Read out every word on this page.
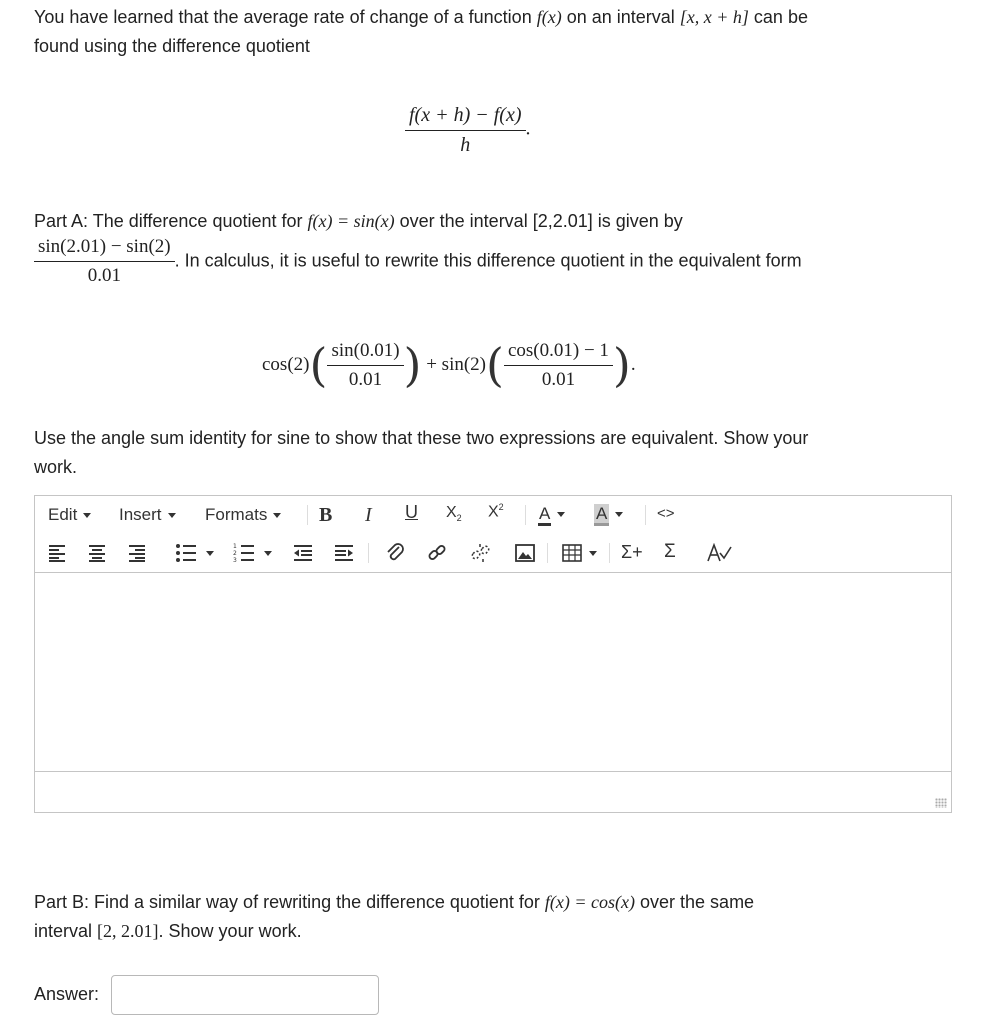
You have learned that the average rate of change of a function f(x) on an interval [x, x + h] can be
found using the difference quotient

$\frac{f(x + h) - f(x)}{h}$ .

Part A: The difference quotient for f(x) = sin(x) over the interval [2,2.01] is given by

$\frac{\sin(2.01) - \sin(2)}{0.01}$ . In calculus, it is useful to rewrite this difference quotient in the equivalent form
$\cos(2)( \frac{\sin(0.01)}{0.01}$ ) + $\sin(2)( \frac{\cos(0.01) - 1}{0.01}$ ).

Use the angle sum identity for sine to show that these two expressions are equivalent. Show your
work.

Edit	Insert	Formats	B I U $X_2$ $X^2$ A	A	<>
1
2
3	Σ+ Σ

Part B: Find a similar way of rewriting the difference quotient for f(x) = cos(x) over the same
interval [2, 2.01]. Show your work.

Answer:
